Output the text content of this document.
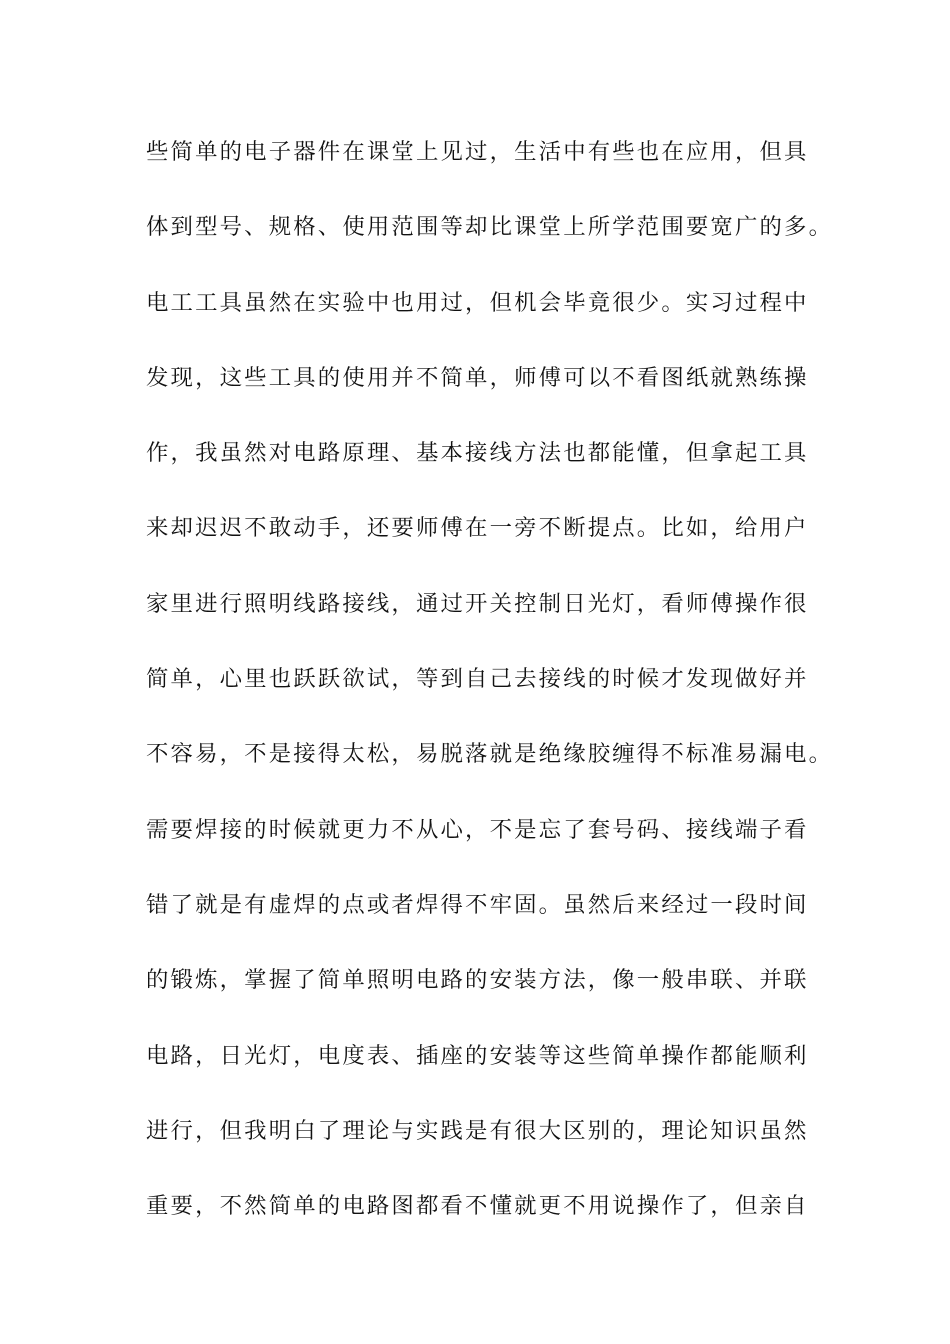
些简单的电子器件在课堂上见过，生活中有些也在应用，但具
体到型号、规格、使用范围等却比课堂上所学范围要宽广的多。
电工工具虽然在实验中也用过，但机会毕竟很少。实习过程中
发现，这些工具的使用并不简单，师傅可以不看图纸就熟练操
作，我虽然对电路原理、基本接线方法也都能懂，但拿起工具
来却迟迟不敢动手，还要师傅在一旁不断提点。比如，给用户
家里进行照明线路接线，通过开关控制日光灯，看师傅操作很
简单，心里也跃跃欲试，等到自己去接线的时候才发现做好并
不容易，不是接得太松，易脱落就是绝缘胶缠得不标准易漏电。
需要焊接的时候就更力不从心，不是忘了套号码、接线端子看
错了就是有虚焊的点或者焊得不牢固。虽然后来经过一段时间
的锻炼，掌握了简单照明电路的安装方法，像一般串联、并联
电路，日光灯，电度表、插座的安装等这些简单操作都能顺利
进行，但我明白了理论与实践是有很大区别的，理论知识虽然
重要，不然简单的电路图都看不懂就更不用说操作了，但亲自
